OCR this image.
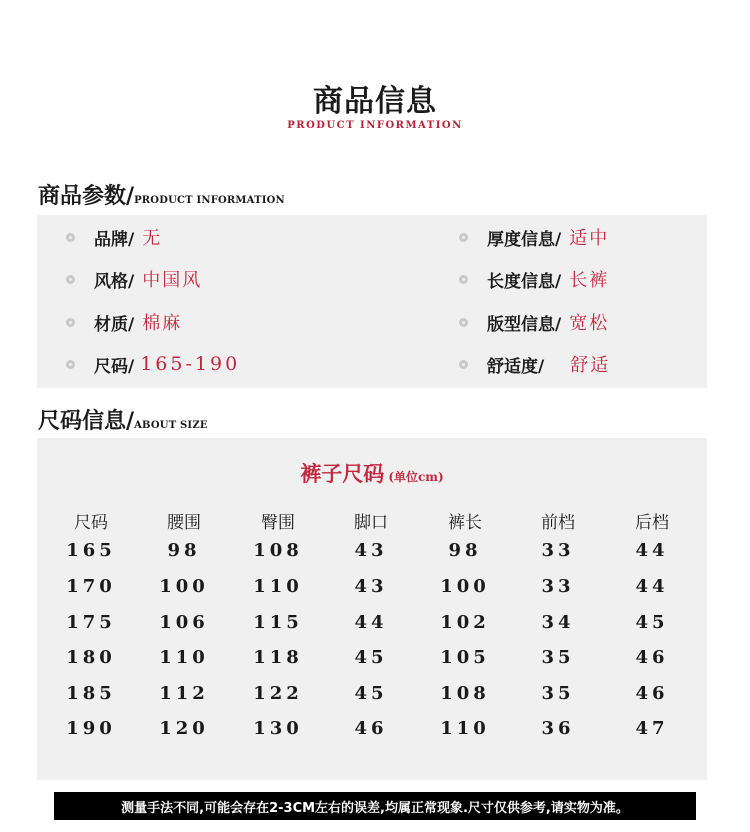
商品信息
PRODUCT INFORMATION
商品参数 / PRODUCT INFORMATION
品牌/ 无
风格/ 中国风
材质/ 棉麻
尺码/ 165-190
厚度信息/ 适中
长度信息/ 长裤
版型信息/ 宽松
舒适度/ 舒适
尺码信息 / ABOUT SIZE
裤子尺码 (单位cm)
尺码	腰围	臀围	脚口	裤长	前档	后档
165	98	108	43	98	33	44
170	100	110	43	100	33	44
175	106	115	44	102	34	45
180	110	118	45	105	35	46
185	112	122	45	108	35	46
190	120	130	46	110	36	47
测量手法不同,可能会存在2-3CM左右的误差,均属正常现象.尺寸仅供参考,请实物为准。
